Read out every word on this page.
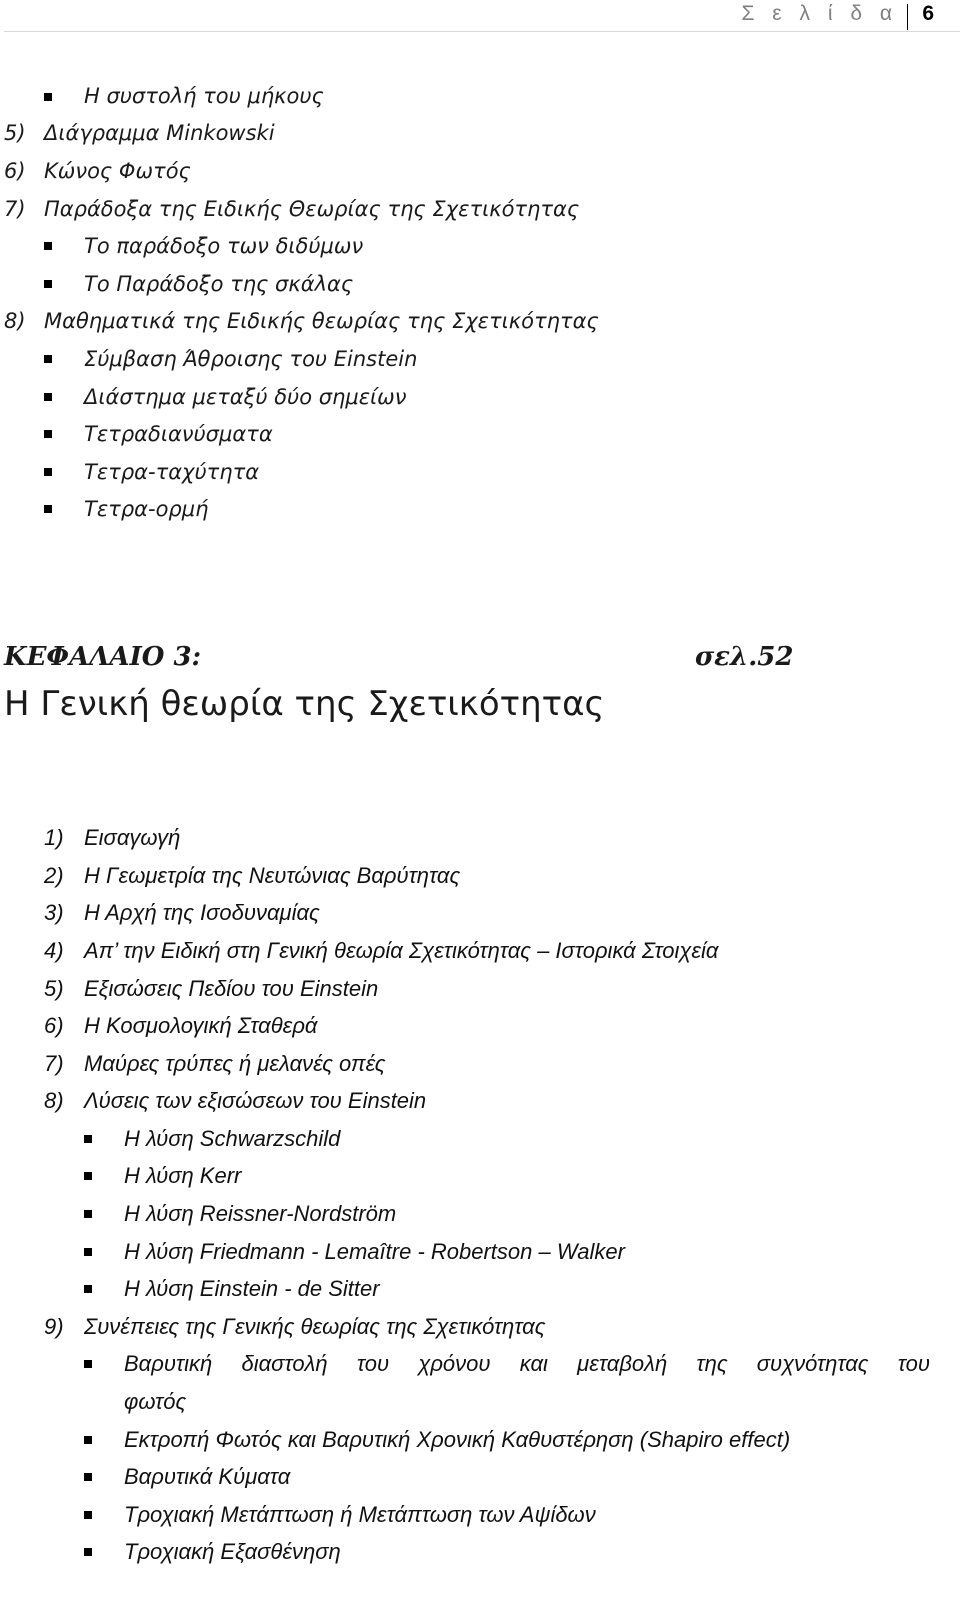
Σ ε λ ί δ α 6
Η συστολή του μήκους
5) Διάγραμμα Minkowski
6) Κώνος Φωτός
7) Παράδοξα της Ειδικής Θεωρίας της Σχετικότητας
Το παράδοξο των διδύμων
Το Παράδοξο της σκάλας
8) Μαθηματικά της Ειδικής θεωρίας της Σχετικότητας
Σύμβαση Άθροισης του Einstein
Διάστημα μεταξύ δύο σημείων
Τετραδιανύσματα
Τετρα-ταχύτητα
Τετρα-ορμή
ΚΕΦΑΛΑΙΟ 3:	σελ.52
Η Γενική θεωρία της Σχετικότητας
1) Εισαγωγή
2) Η Γεωμετρία της Νευτώνιας Βαρύτητας
3) Η Αρχή της Ισοδυναμίας
4) Απ’ την Ειδική στη Γενική θεωρία Σχετικότητας – Ιστορικά Στοιχεία
5) Εξισώσεις Πεδίου του Einstein
6) Η Κοσμολογική Σταθερά
7) Μαύρες τρύπες ή μελανές οπές
8) Λύσεις των εξισώσεων του Einstein
Η λύση Schwarzschild
Η λύση Kerr
Η λύση Reissner-Nordström
Η λύση Friedmann - Lemaître - Robertson – Walker
Η λύση Einstein - de Sitter
9) Συνέπειες της Γενικής θεωρίας της Σχετικότητας
Βαρυτική διαστολή του χρόνου και μεταβολή της συχνότητας του
φωτός
Εκτροπή Φωτός και Βαρυτική Χρονική Καθυστέρηση (Shapiro effect)
Βαρυτικά Κύματα
Τροχιακή Μετάπτωση ή Μετάπτωση των Αψίδων
Τροχιακή Εξασθένηση
